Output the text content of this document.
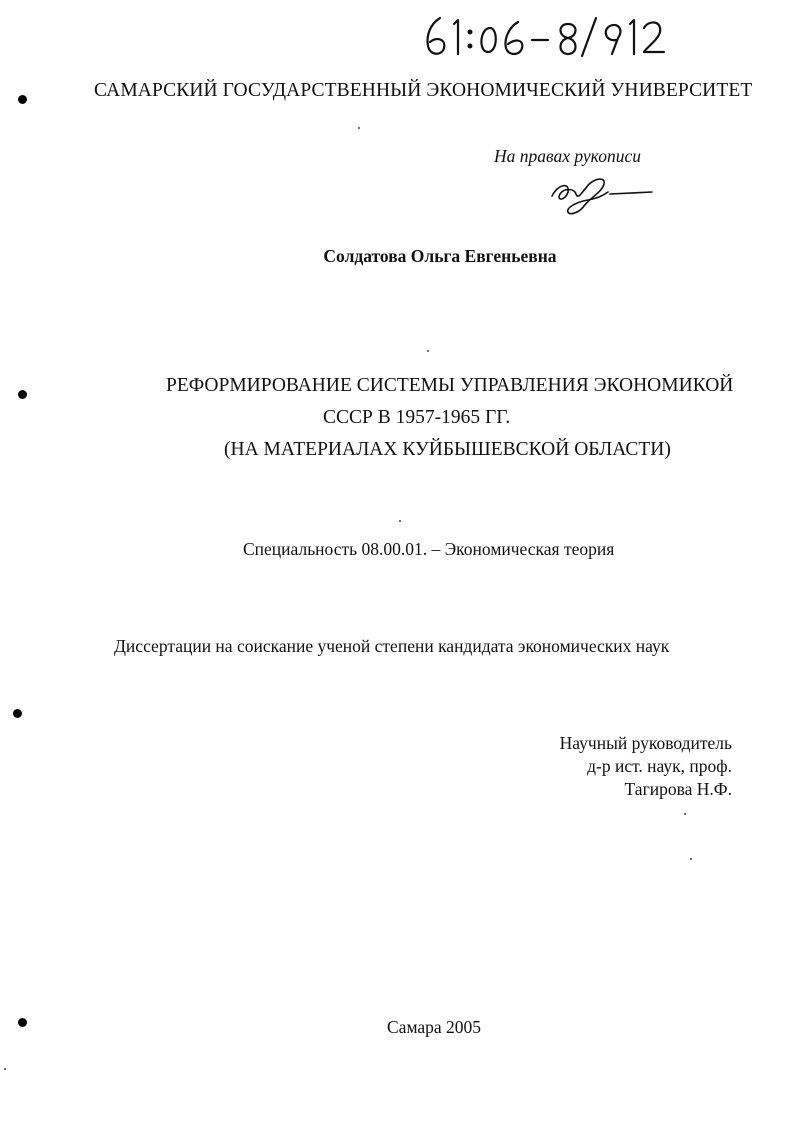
САМАРСКИЙ ГОСУДАРСТВЕННЫЙ ЭКОНОМИЧЕСКИЙ УНИВЕРСИТЕТ
На правах рукописи
Солдатова Ольга Евгеньевна
РЕФОРМИРОВАНИЕ СИСТЕМЫ УПРАВЛЕНИЯ ЭКОНОМИКОЙ
СССР В 1957-1965 ГГ.
(НА МАТЕРИАЛАХ КУЙБЫШЕВСКОЙ ОБЛАСТИ)
Специальность 08.00.01. – Экономическая теория
Диссертации на соискание ученой степени кандидата экономических наук
Научный руководитель
д-р ист. наук, проф.
Тагирова Н.Ф.
Самара 2005
